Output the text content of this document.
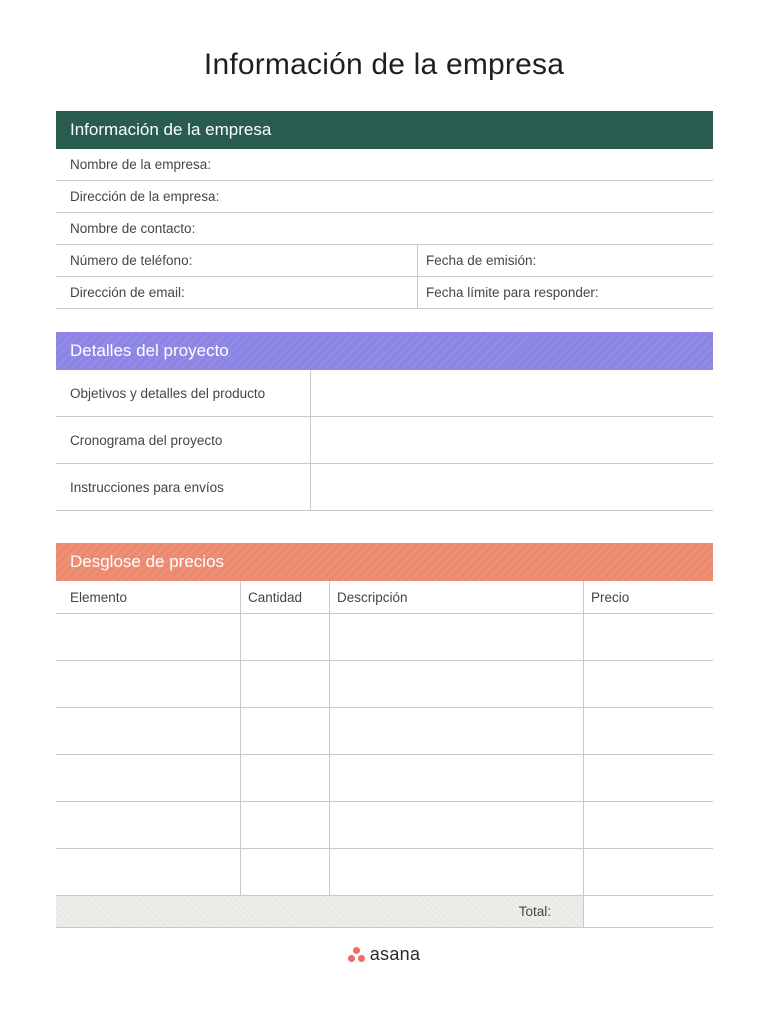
Información de la empresa
Información de la empresa
Nombre de la empresa:
Dirección de la empresa:
Nombre de contacto:
Número de teléfono:	Fecha de emisión:
Dirección de email:	Fecha límite para responder:
Detalles del proyecto
Objetivos y detalles del producto
Cronograma del proyecto
Instrucciones para envíos
Desglose de precios
Elemento	Cantidad	Descripción	Precio
Total:
asana
